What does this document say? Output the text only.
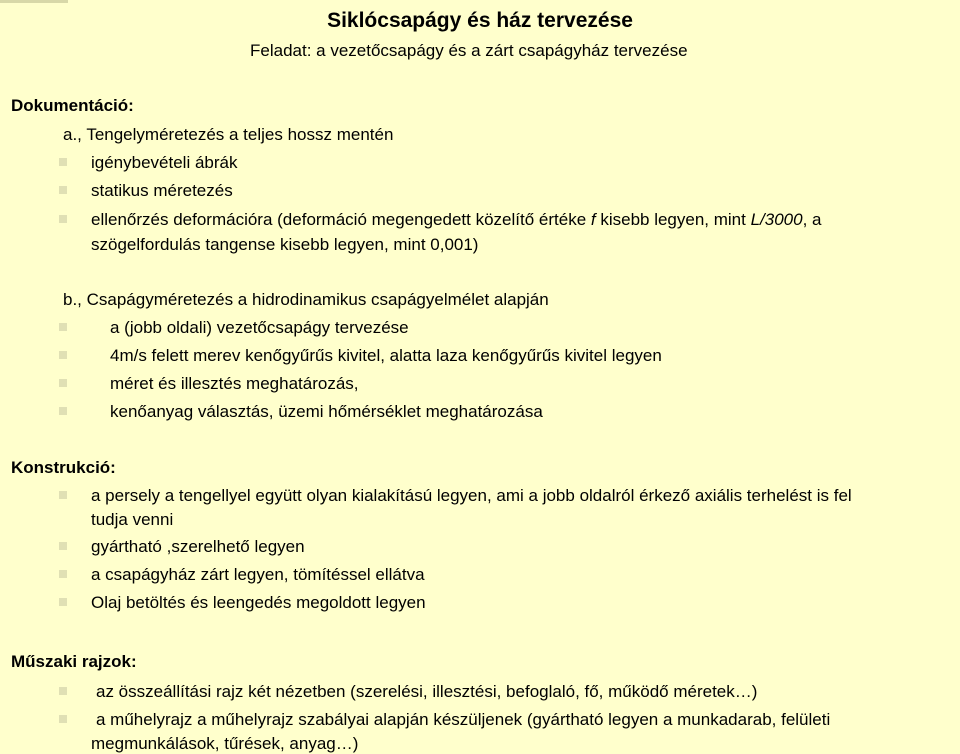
Siklócsapágy és ház tervezése
Feladat: a vezetőcsapágy és a zárt csapágyház tervezése
Dokumentáció:
a., Tengelyméretezés a teljes hossz mentén
igénybevételi ábrák
statikus méretezés
ellenőrzés deformációra (deformáció megengedett közelítő értéke f kisebb legyen, mint L/3000, a
szögelfordulás tangense kisebb legyen, mint 0,001)
b., Csapágyméretezés a hidrodinamikus csapágyelmélet alapján
a (jobb oldali) vezetőcsapágy tervezése
4m/s felett merev kenőgyűrűs kivitel, alatta laza kenőgyűrűs kivitel legyen
méret és illesztés meghatározás,
kenőanyag választás, üzemi hőmérséklet meghatározása
Konstrukció:
a persely a tengellyel együtt olyan kialakítású legyen, ami a jobb oldalról érkező axiális terhelést is fel
tudja venni
gyártható ,szerelhető legyen
a csapágyház zárt legyen, tömítéssel ellátva
Olaj betöltés és leengedés megoldott legyen
Műszaki rajzok:
az összeállítási rajz két nézetben (szerelési, illesztési, befoglaló, fő, működő méretek…)
a műhelyrajz a műhelyrajz szabályai alapján készüljenek (gyártható legyen a munkadarab, felületi
megmunkálások, tűrések, anyag…)
